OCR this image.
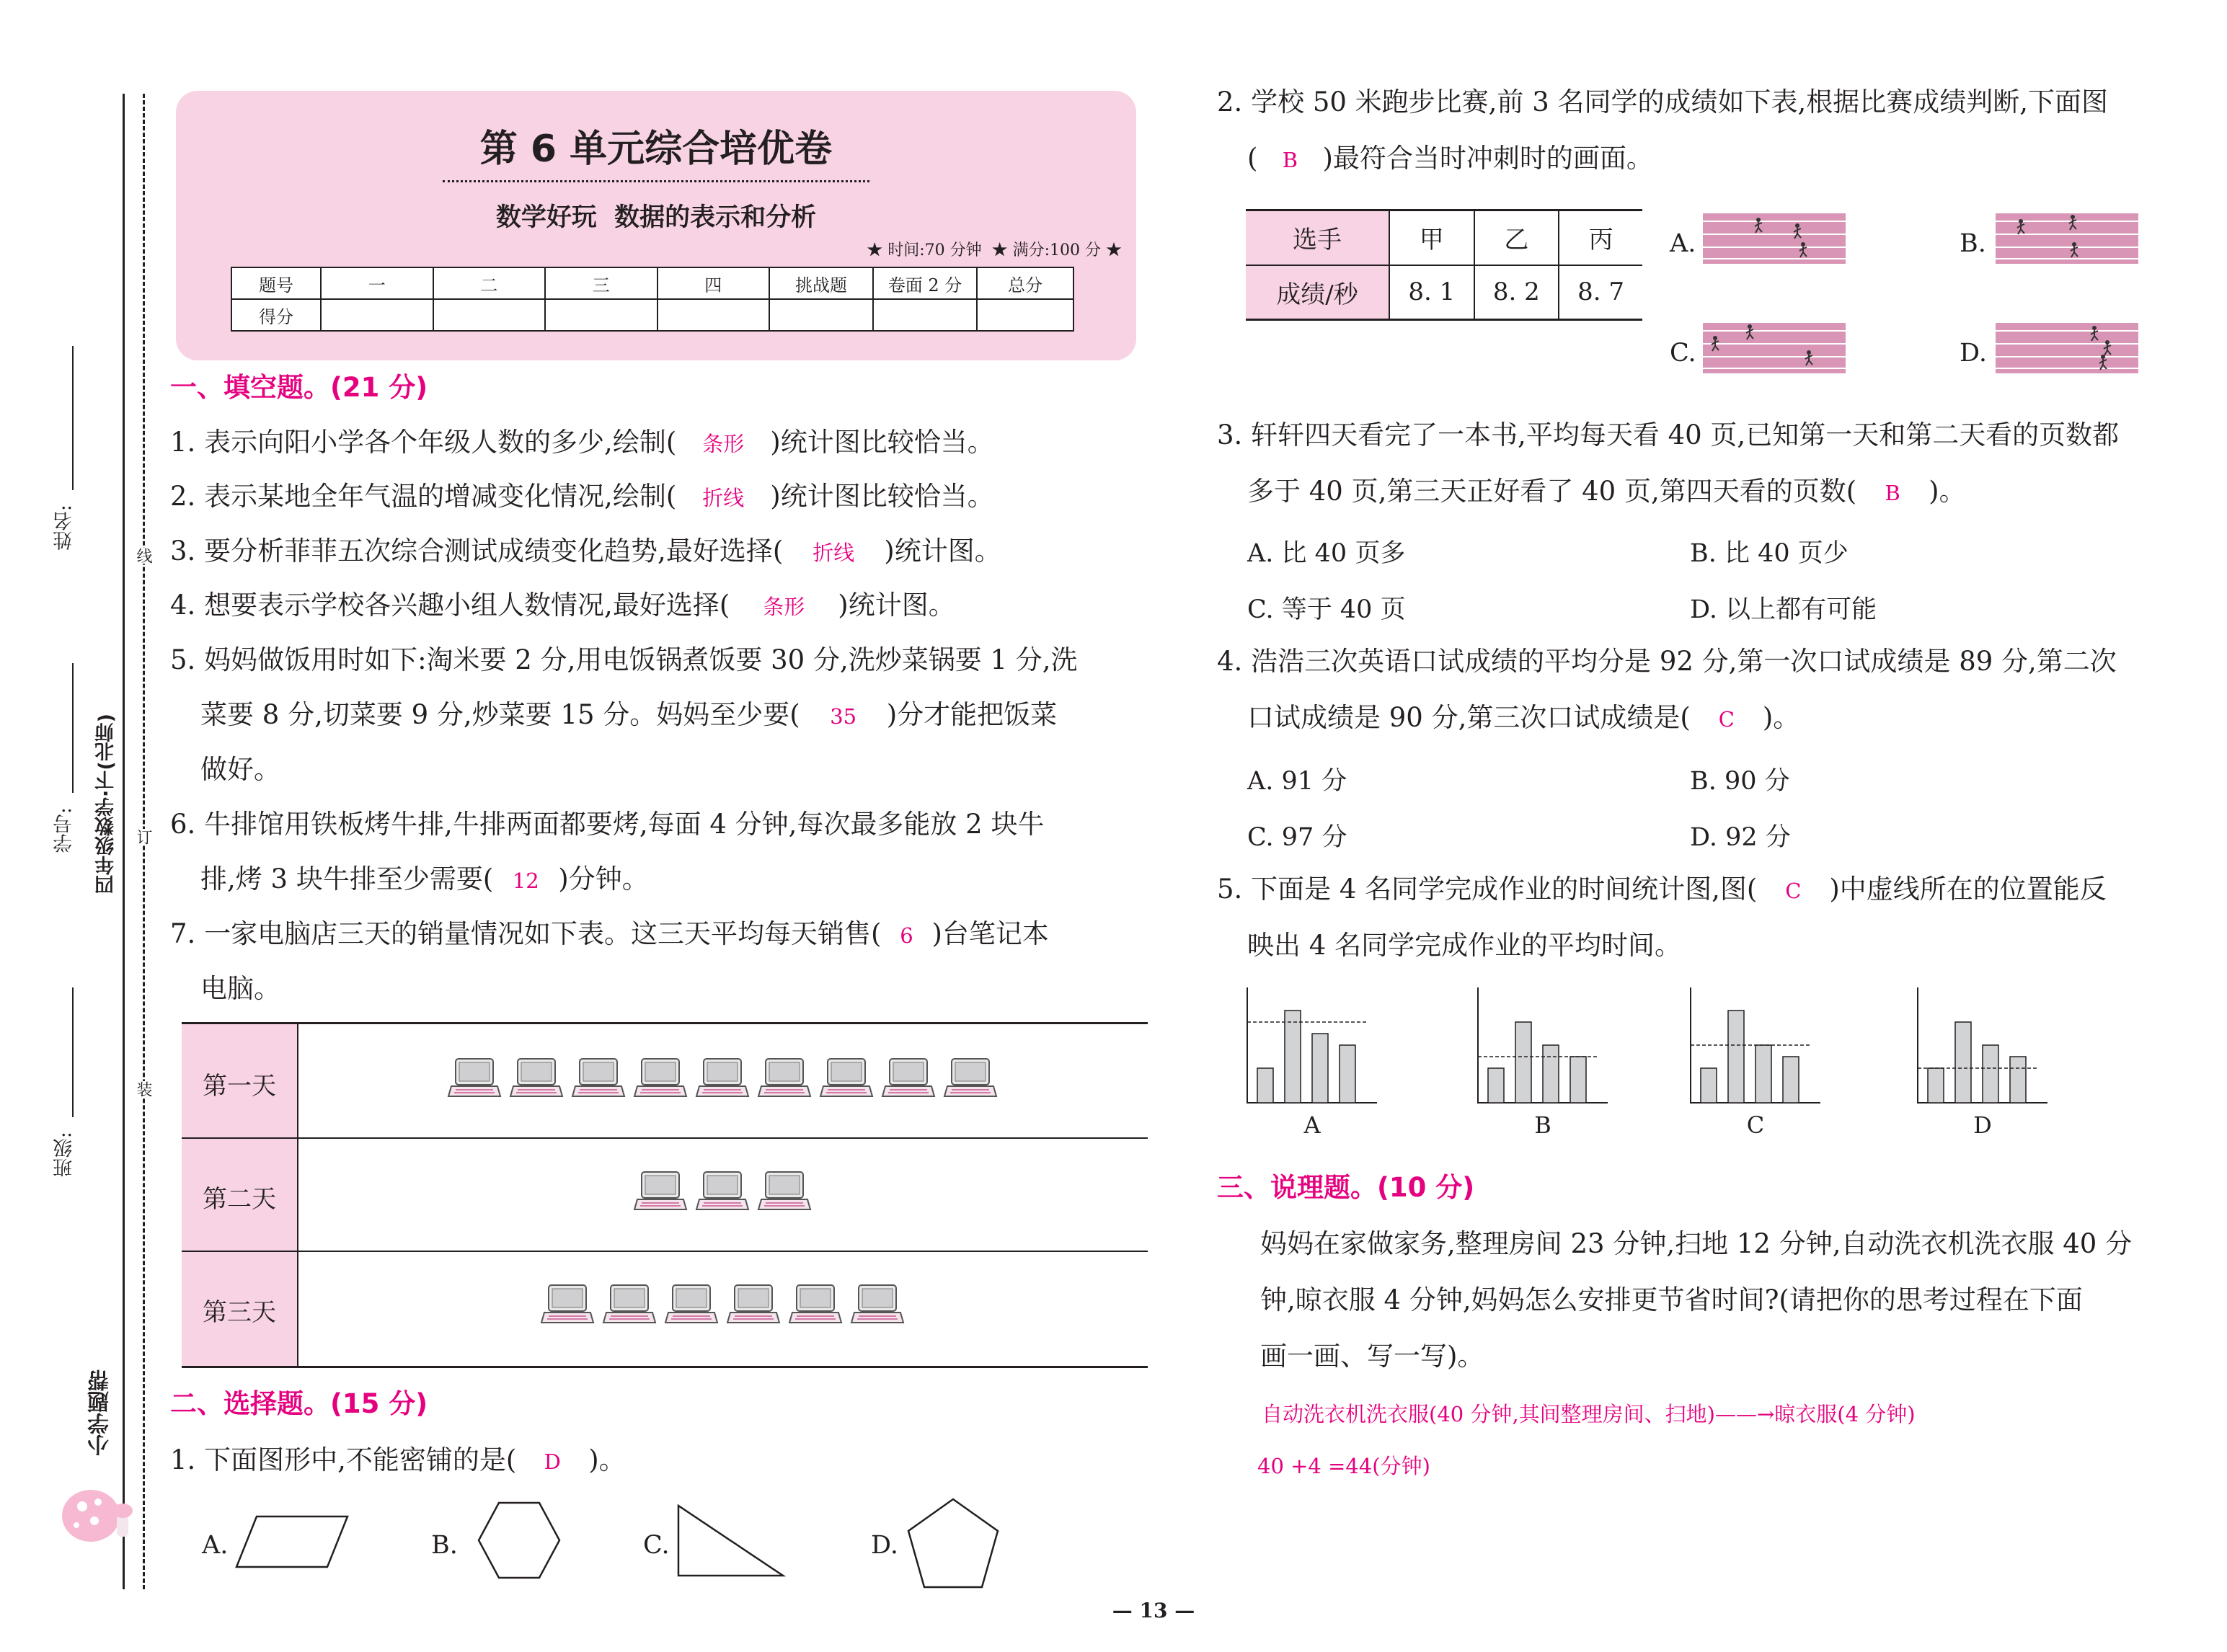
姓名:
学号:
班级:
四年级数学·下(北师)
线
订
装
小学题帮
第 6 单元综合培优卷
数学好玩  数据的表示和分析
★ 时间:70 分钟  ★ 满分:100 分 ★
题号	一	二	三	四	挑战题	卷面 2 分	总分
得分							
一、填空题。(21 分)
1. 表示向阳小学各个年级人数的多少,绘制( 条形 )统计图比较恰当。
2. 表示某地全年气温的增减变化情况,绘制( 折线 )统计图比较恰当。
3. 要分析菲菲五次综合测试成绩变化趋势,最好选择( 折线 )统计图。
4. 想要表示学校各兴趣小组人数情况,最好选择( 条形 )统计图。
5. 妈妈做饭用时如下:淘米要 2 分,用电饭锅煮饭要 30 分,洗炒菜锅要 1 分,洗
菜要 8 分,切菜要 9 分,炒菜要 15 分。妈妈至少要( 35 )分才能把饭菜
做好。
6. 牛排馆用铁板烤牛排,牛排两面都要烤,每面 4 分钟,每次最多能放 2 块牛
排,烤 3 块牛排至少需要( 12 )分钟。
7. 一家电脑店三天的销量情况如下表。这三天平均每天销售( 6 )台笔记本
电脑。
第一天
第二天
第三天
二、选择题。(15 分)
1. 下面图形中,不能密铺的是( D )。
A.	B.	C.	D.
2. 学校 50 米跑步比赛,前 3 名同学的成绩如下表,根据比赛成绩判断,下面图
( B )最符合当时冲刺时的画面。
选手	甲	乙	丙
成绩/秒	8. 1	8. 2	8. 7
A.	B.
C.	D.
3. 轩轩四天看完了一本书,平均每天看 40 页,已知第一天和第二天看的页数都
多于 40 页,第三天正好看了 40 页,第四天看的页数( B )。
A. 比 40 页多	B. 比 40 页少
C. 等于 40 页	D. 以上都有可能
4. 浩浩三次英语口试成绩的平均分是 92 分,第一次口试成绩是 89 分,第二次
口试成绩是 90 分,第三次口试成绩是( C )。
A. 91 分	B. 90 分
C. 97 分	D. 92 分
5. 下面是 4 名同学完成作业的时间统计图,图( C )中虚线所在的位置能反
映出 4 名同学完成作业的平均时间。
A	B	C	D
三、说理题。(10 分)
妈妈在家做家务,整理房间 23 分钟,扫地 12 分钟,自动洗衣机洗衣服 40 分
钟,晾衣服 4 分钟,妈妈怎么安排更节省时间?(请把你的思考过程在下面
画一画、写一写)。
自动洗衣机洗衣服(40 分钟,其间整理房间、扫地)——→晾衣服(4 分钟)
40 +4 =44(分钟)
— 13 —
